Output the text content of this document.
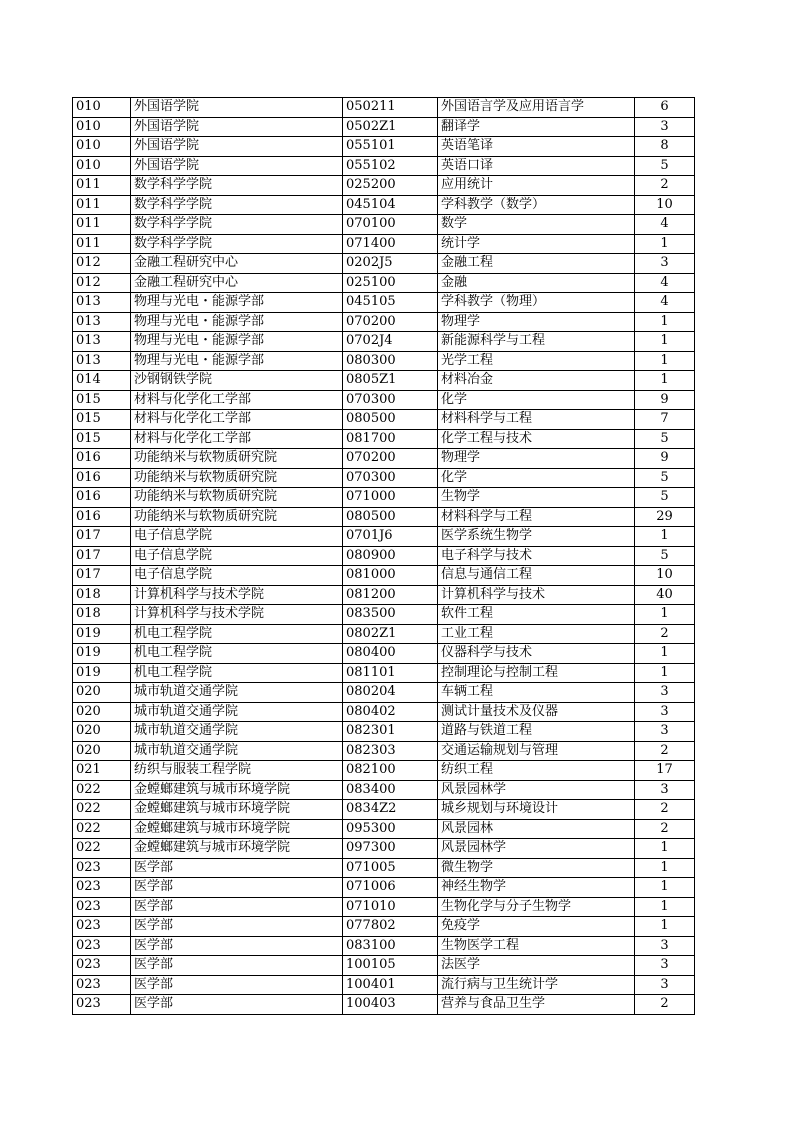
010	外国语学院	050211	外国语言学及应用语言学	6
010	外国语学院	0502Z1	翻译学	3
010	外国语学院	055101	英语笔译	8
010	外国语学院	055102	英语口译	5
011	数学科学学院	025200	应用统计	2
011	数学科学学院	045104	学科教学（数学）	10
011	数学科学学院	070100	数学	4
011	数学科学学院	071400	统计学	1
012	金融工程研究中心	0202J5	金融工程	3
012	金融工程研究中心	025100	金融	4
013	物理与光电・能源学部	045105	学科教学（物理）	4
013	物理与光电・能源学部	070200	物理学	1
013	物理与光电・能源学部	0702J4	新能源科学与工程	1
013	物理与光电・能源学部	080300	光学工程	1
014	沙钢钢铁学院	0805Z1	材料冶金	1
015	材料与化学化工学部	070300	化学	9
015	材料与化学化工学部	080500	材料科学与工程	7
015	材料与化学化工学部	081700	化学工程与技术	5
016	功能纳米与软物质研究院	070200	物理学	9
016	功能纳米与软物质研究院	070300	化学	5
016	功能纳米与软物质研究院	071000	生物学	5
016	功能纳米与软物质研究院	080500	材料科学与工程	29
017	电子信息学院	0701J6	医学系统生物学	1
017	电子信息学院	080900	电子科学与技术	5
017	电子信息学院	081000	信息与通信工程	10
018	计算机科学与技术学院	081200	计算机科学与技术	40
018	计算机科学与技术学院	083500	软件工程	1
019	机电工程学院	0802Z1	工业工程	2
019	机电工程学院	080400	仪器科学与技术	1
019	机电工程学院	081101	控制理论与控制工程	1
020	城市轨道交通学院	080204	车辆工程	3
020	城市轨道交通学院	080402	测试计量技术及仪器	3
020	城市轨道交通学院	082301	道路与铁道工程	3
020	城市轨道交通学院	082303	交通运输规划与管理	2
021	纺织与服装工程学院	082100	纺织工程	17
022	金螳螂建筑与城市环境学院	083400	风景园林学	3
022	金螳螂建筑与城市环境学院	0834Z2	城乡规划与环境设计	2
022	金螳螂建筑与城市环境学院	095300	风景园林	2
022	金螳螂建筑与城市环境学院	097300	风景园林学	1
023	医学部	071005	微生物学	1
023	医学部	071006	神经生物学	1
023	医学部	071010	生物化学与分子生物学	1
023	医学部	077802	免疫学	1
023	医学部	083100	生物医学工程	3
023	医学部	100105	法医学	3
023	医学部	100401	流行病与卫生统计学	3
023	医学部	100403	营养与食品卫生学	2
